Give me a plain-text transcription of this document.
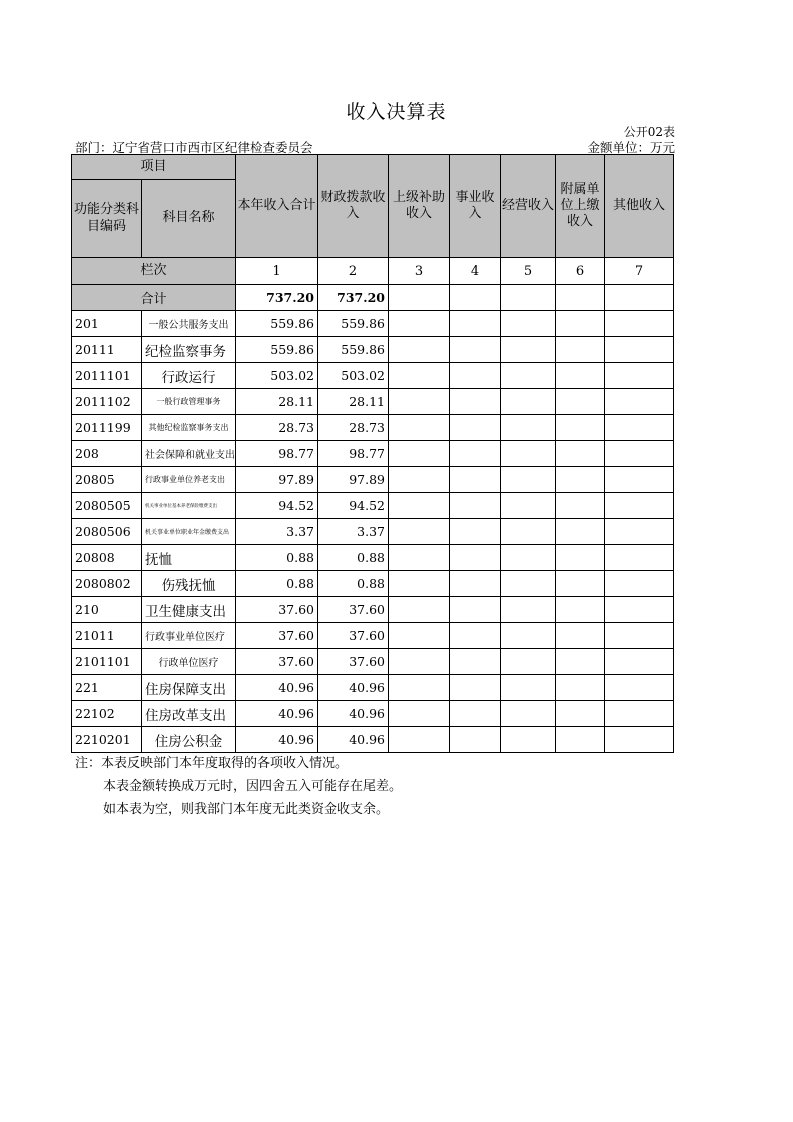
收入决算表
公开02表
部门：辽宁省营口市西市区纪律检查委员会	金额单位：万元
项目		本年收入合计	财政拨款收入	上级补助收入	事业收入	经营收入	附属单位上缴收入	其他收入
功能分类科目编码	科目名称							
栏次		1	2	3	4	5	6	7
合计		737.20	737.20					
201	一般公共服务支出	559.86	559.86					
20111	纪检监察事务	559.86	559.86					
2011101	行政运行	503.02	503.02					
2011102	一般行政管理事务	28.11	28.11					
2011199	其他纪检监察事务支出	28.73	28.73					
208	社会保障和就业支出	98.77	98.77					
20805	行政事业单位养老支出	97.89	97.89					
2080505	机关事业单位基本养老保险缴费支出	94.52	94.52					
2080506	机关事业单位职业年金缴费支出	3.37	3.37					
20808	抚恤	0.88	0.88					
2080802	伤残抚恤	0.88	0.88					
210	卫生健康支出	37.60	37.60					
21011	行政事业单位医疗	37.60	37.60					
2101101	行政单位医疗	37.60	37.60					
221	住房保障支出	40.96	40.96					
22102	住房改革支出	40.96	40.96					
2210201	住房公积金	40.96	40.96					
注：本表反映部门本年度取得的各项收入情况。
本表金额转换成万元时，因四舍五入可能存在尾差。
如本表为空，则我部门本年度无此类资金收支余。
